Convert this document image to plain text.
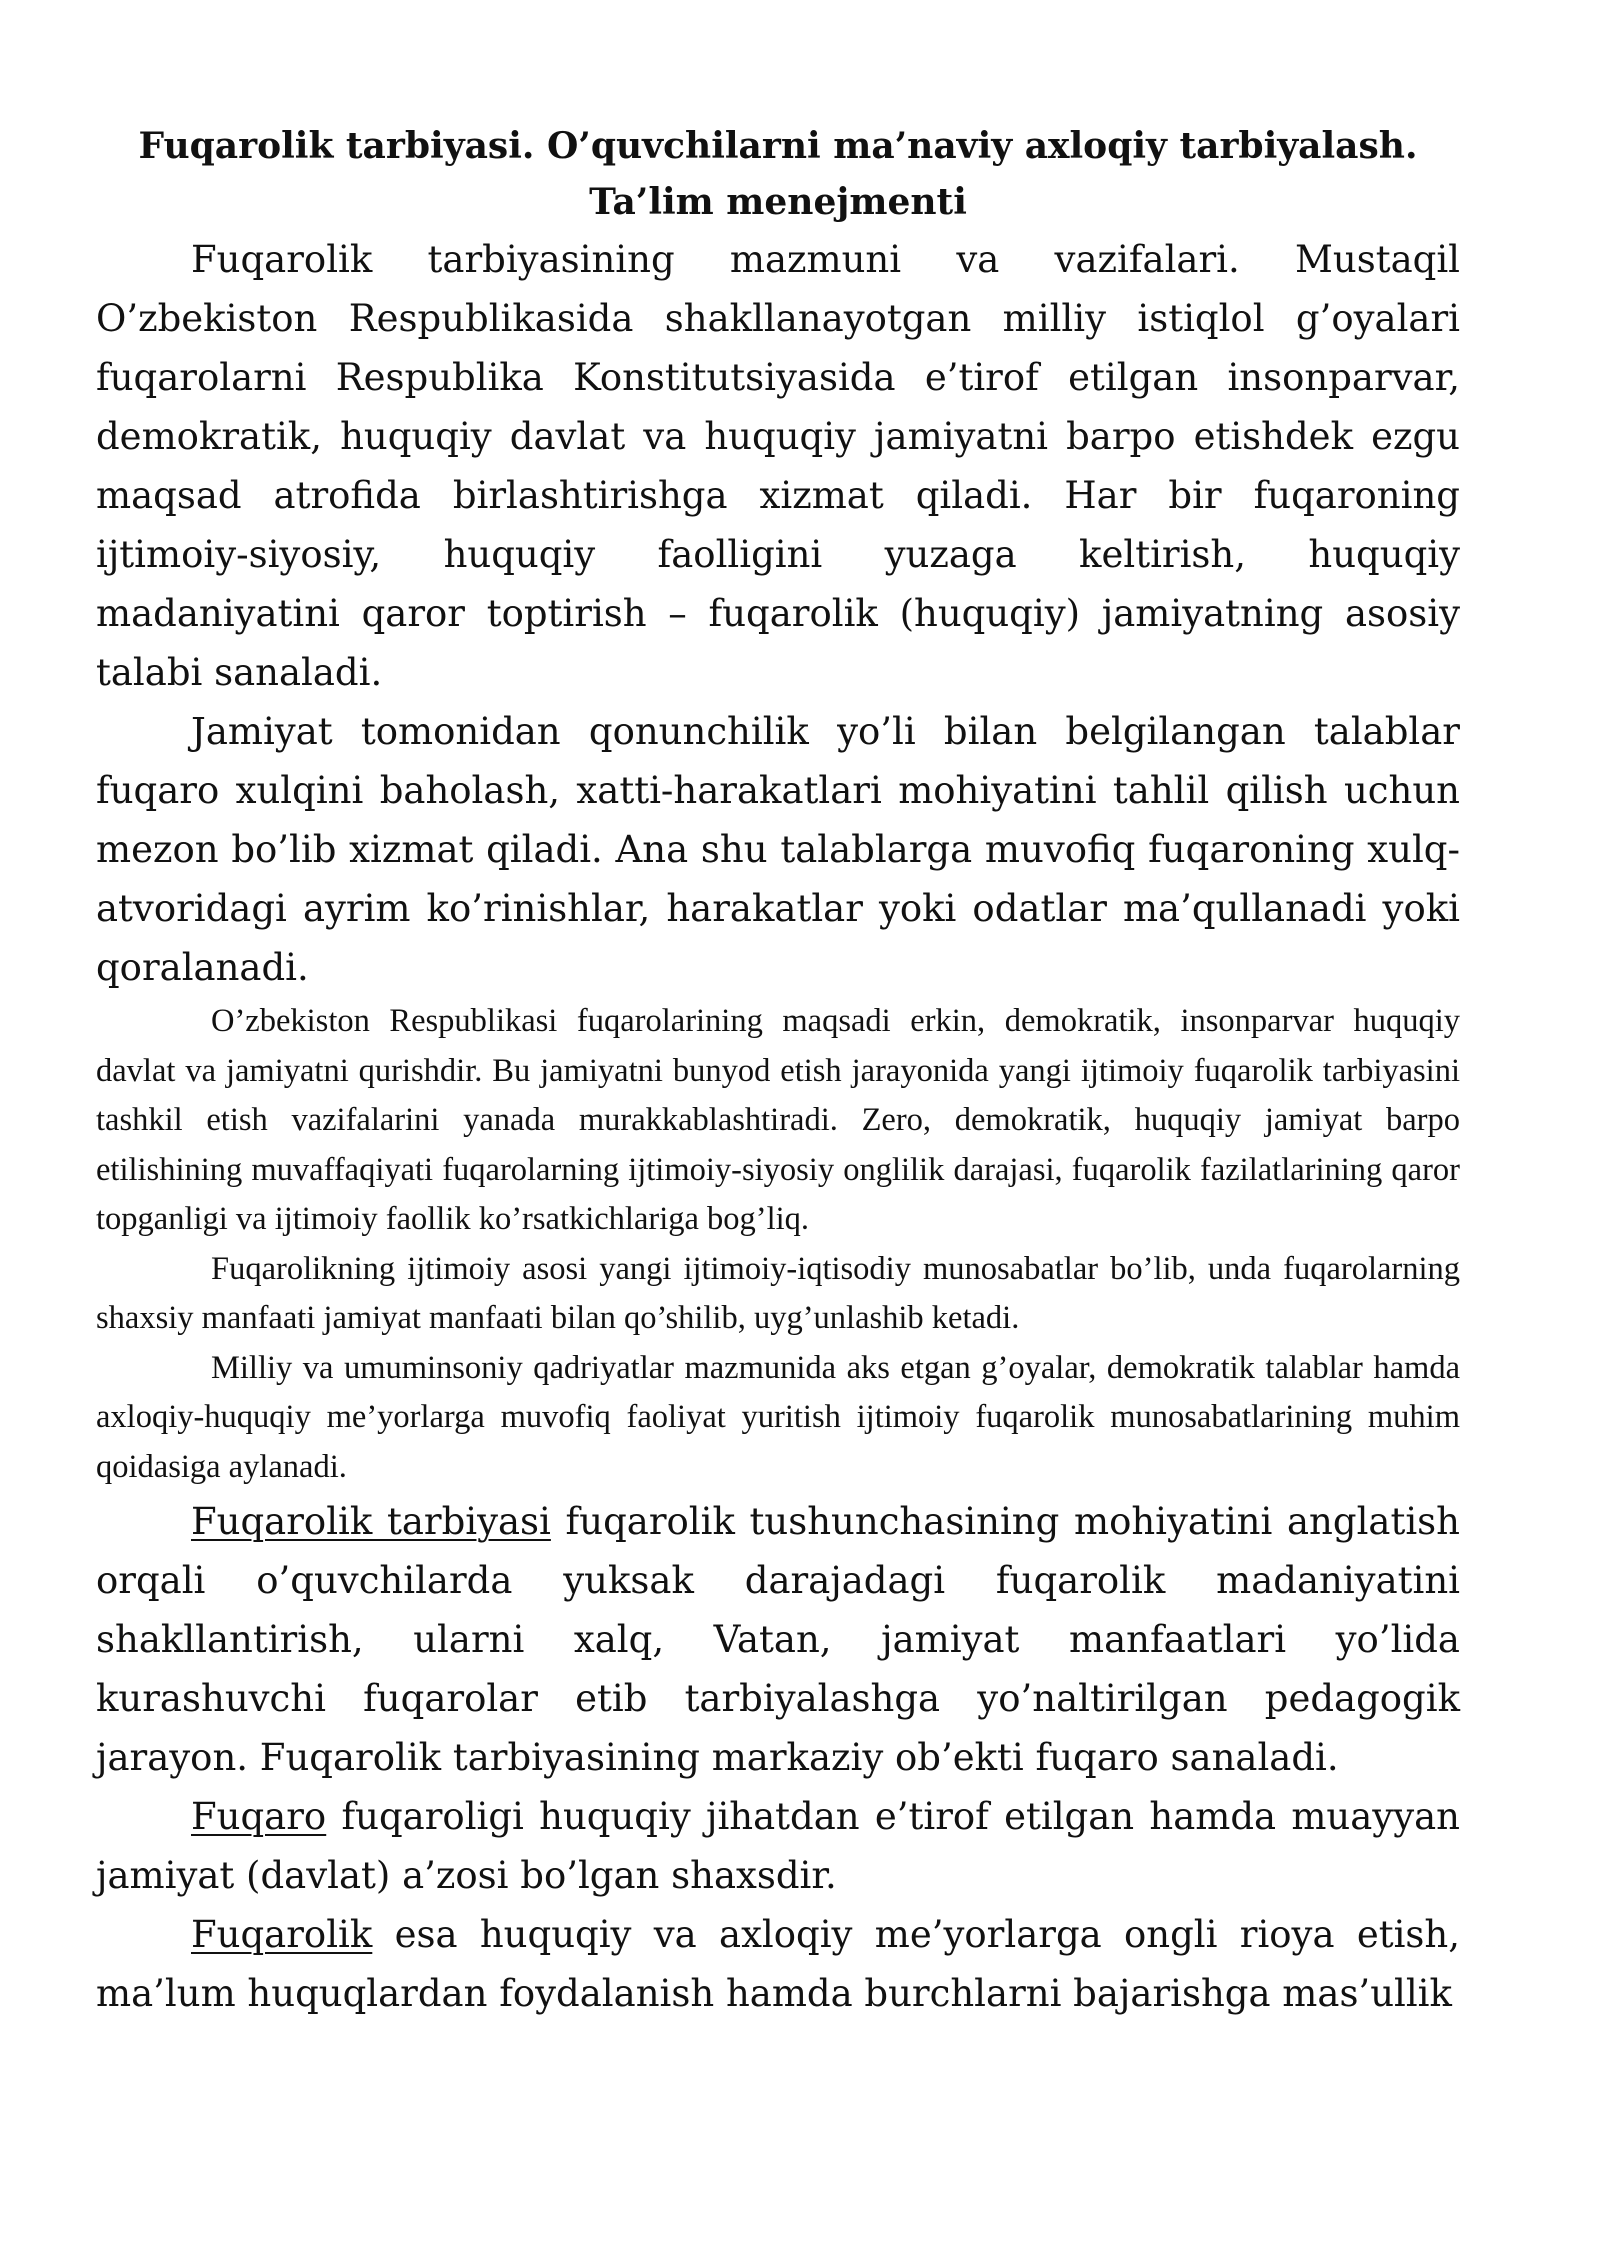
Fuqarolik tarbiyasi. O’quvchilarni ma’naviy axloqiy tarbiyalash.
Ta’lim menejmenti

Fuqarolik tarbiyasining mazmuni va vazifalari. Mustaqil O’zbekiston Respublikasida shakllanayotgan milliy istiqlol g’oyalari fuqarolarni Respublika Konstitutsiyasida e’tirof etilgan insonparvar, demokratik, huquqiy davlat va huquqiy jamiyatni barpo etishdek ezgu maqsad atrofida birlashtirishga xizmat qiladi. Har bir fuqaroning ijtimoiy-siyosiy, huquqiy faolligini yuzaga keltirish, huquqiy madaniyatini qaror toptirish – fuqarolik (huquqiy) jamiyatning asosiy talabi sanaladi.

Jamiyat tomonidan qonunchilik yo’li bilan belgilangan talablar fuqaro xulqini baholash, xatti-harakatlari mohiyatini tahlil qilish uchun mezon bo’lib xizmat qiladi. Ana shu talablarga muvofiq fuqaroning xulq-atvoridagi ayrim ko’rinishlar, harakatlar yoki odatlar ma’qullanadi yoki qoralanadi.

O’zbekiston Respublikasi fuqarolarining maqsadi erkin, demokratik, insonparvar huquqiy davlat va jamiyatni qurishdir. Bu jamiyatni bunyod etish jarayonida yangi ijtimoiy fuqarolik tarbiyasini tashkil etish vazifalarini yanada murakkablashtiradi. Zero, demokratik, huquqiy jamiyat barpo etilishining muvaffaqiyati fuqarolarning ijtimoiy-siyosiy onglilik darajasi, fuqarolik fazilatlarining qaror topganligi va ijtimoiy faollik ko’rsatkichlariga bog’liq.

Fuqarolikning ijtimoiy asosi yangi ijtimoiy-iqtisodiy munosabatlar bo’lib, unda fuqarolarning shaxsiy manfaati jamiyat manfaati bilan qo’shilib, uyg’unlashib ketadi.

Milliy va umuminsoniy qadriyatlar mazmunida aks etgan g’oyalar, demokratik talablar hamda axloqiy-huquqiy me’yorlarga muvofiq faoliyat yuritish ijtimoiy fuqarolik munosabatlarining muhim qoidasiga aylanadi.

Fuqarolik tarbiyasi fuqarolik tushunchasining mohiyatini anglatish orqali o’quvchilarda yuksak darajadagi fuqarolik madaniyatini shakllantirish, ularni xalq, Vatan, jamiyat manfaatlari yo’lida kurashuvchi fuqarolar etib tarbiyalashga yo’naltirilgan pedagogik jarayon. Fuqarolik tarbiyasining markaziy ob’ekti fuqaro sanaladi.

Fuqaro fuqaroligi huquqiy jihatdan e’tirof etilgan hamda muayyan jamiyat (davlat) a’zosi bo’lgan shaxsdir.

Fuqarolik esa huquqiy va axloqiy me’yorlarga ongli rioya etish, ma’lum huquqlardan foydalanish hamda burchlarni bajarishga mas’ullik
